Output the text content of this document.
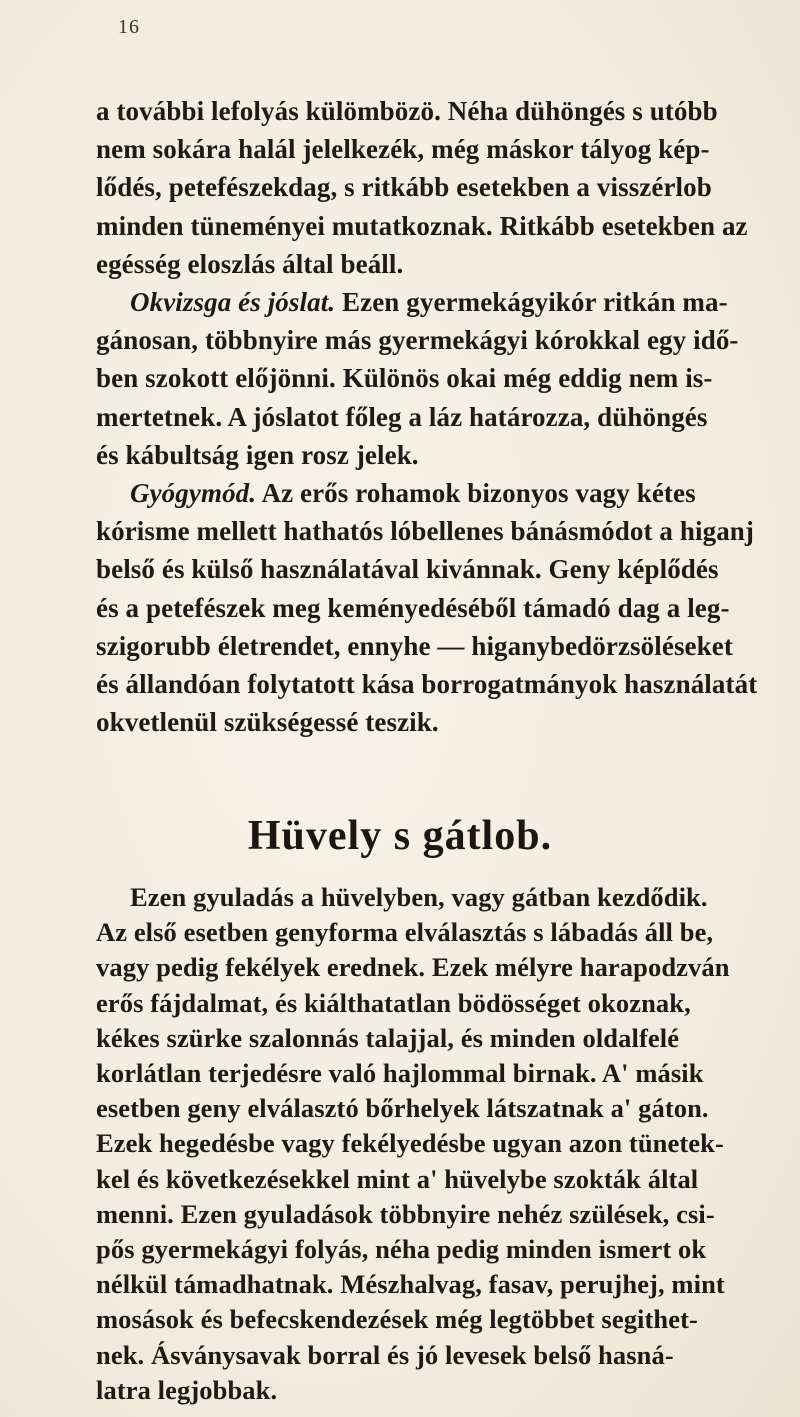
16
a további lefolyás külömbözö. Néha dühöngés s utóbb
nem sokára halál jelelkezék, még máskor tályog kép-
lődés, petefészekdag, s ritkább esetekben a visszérlob
minden tüneményei mutatkoznak. Ritkább esetekben az
egésség eloszlás által beáll.
Okvizsga és jóslat. Ezen gyermekágyikór ritkán ma-
gánosan, többnyire más gyermekágyi kórokkal egy idő-
ben szokott előjönni. Különös okai még eddig nem is-
mertetnek. A jóslatot főleg a láz határozza, dühöngés
és kábultság igen rosz jelek.
Gyógymód. Az erős rohamok bizonyos vagy kétes
kórisme mellett hathatós lóbellenes bánásmódot a higanj
belső és külső használatával kivánnak. Geny képlődés
és a petefészek meg keményedéséből támadó dag a leg-
szigorubb életrendet, ennyhe — higanybedörzsöléseket
és állandóan folytatott kása borrogatmányok használatát
okvetlenül szükségessé teszik.
Hüvely s gátlob.
Ezen gyuladás a hüvelyben, vagy gátban kezdődik.
Az első esetben genyforma elválasztás s lábadás áll be,
vagy pedig fekélyek erednek. Ezek mélyre harapodzván
erős fájdalmat, és kiálthatatlan bödösséget okoznak,
kékes szürke szalonnás talajjal, és minden oldalfelé
korlátlan terjedésre való hajlommal birnak. A' másik
esetben geny elválasztó bőrhelyek látszatnak a' gáton.
Ezek hegedésbe vagy fekélyedésbe ugyan azon tünetek-
kel és következésekkel mint a' hüvelybe szokták által
menni. Ezen gyuladások többnyire nehéz szülések, csi-
pős gyermekágyi folyás, néha pedig minden ismert ok
nélkül támadhatnak. Mészhalvag, fasav, perujhej, mint
mosások és befecskendezések még legtöbbet segithet-
nek. Ásványsavak borral és jó levesek belső hasná-
latra legjobbak.
